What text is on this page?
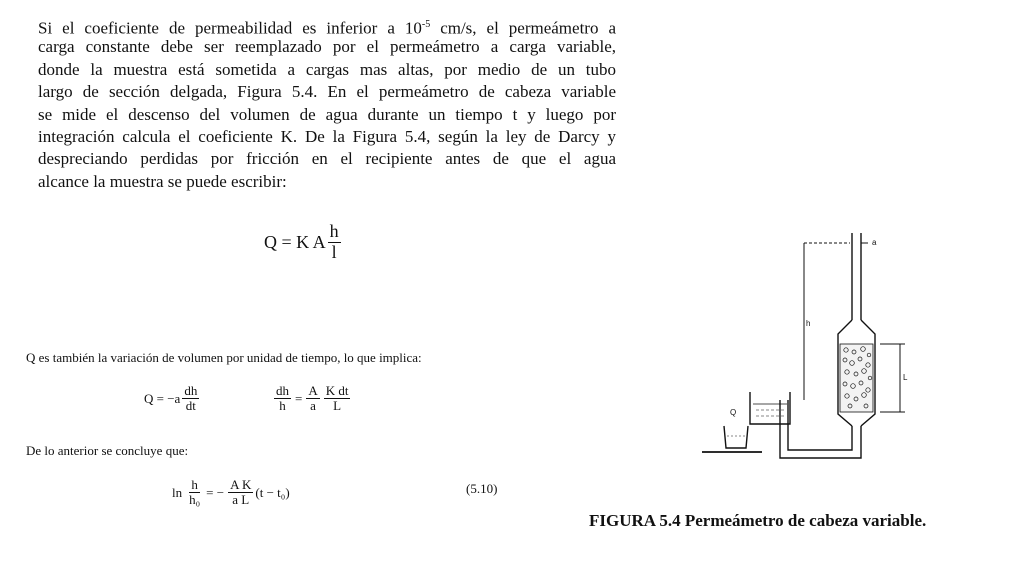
Si el coeficiente de permeabilidad es inferior a $10^{-5}$ cm/s, el permeámetro a
carga constante debe ser reemplazado por el permeámetro a carga variable,
donde la muestra está sometida a cargas mas altas, por medio de un tubo
largo de sección delgada, Figura 5.4. En el permeámetro de cabeza variable
se mide el descenso del volumen de agua durante un tiempo t y luego por
integración calcula el coeficiente K. De la Figura 5.4, según la ley de Darcy y
despreciando perdidas por fricción en el recipiente antes de que el agua
alcance la muestra se puede escribir:
Q = K A $\frac{h}{l}$
Q es también la variación de volumen por unidad de tiempo, lo que implica:
$Q = -a \frac{dh}{dt}$	$\frac{dh}{h} = \frac{A}{a} \frac{\text{K dt}}{L}$
De lo anterior se concluye que:
$\ln \frac{h}{\text{h₀}}$ = − $\frac{\text{A K}}{\text{a L}} (t - t_0)$	(5.10)
a
h
L
Q
FIGURA 5.4 Permeámetro de cabeza variable.
